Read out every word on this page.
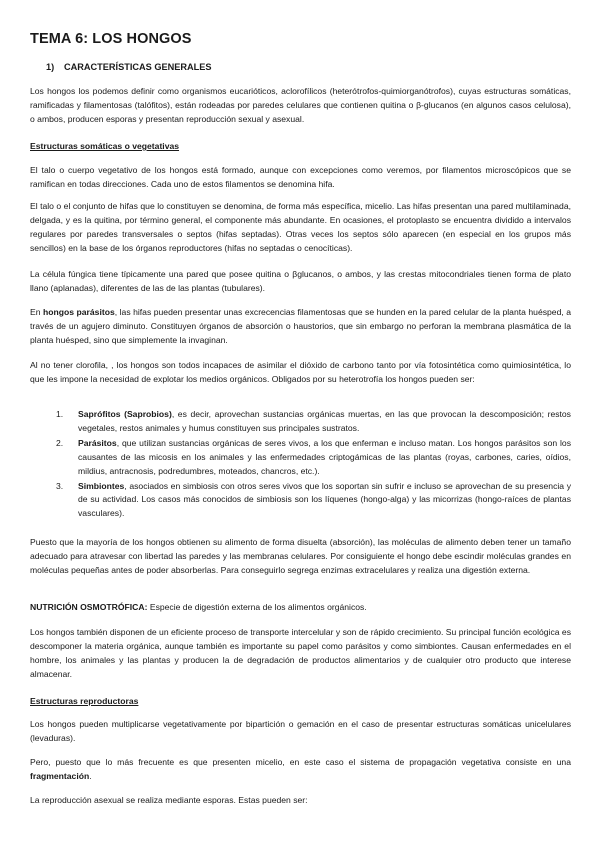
TEMA 6: LOS HONGOS
1) CARACTERÍSTICAS GENERALES

Los hongos los podemos definir como organismos eucarióticos, aclorofílicos (heterótrofos-quimiorganótrofos), cuyas estructuras somáticas, ramificadas y filamentosas (talófitos), están rodeadas por paredes celulares que contienen quitina o β-glucanos (en algunos casos celulosa), o ambos, producen esporas y presentan reproducción sexual y asexual.

Estructuras somáticas o vegetativas

El talo o cuerpo vegetativo de los hongos está formado, aunque con excepciones como veremos, por filamentos microscópicos que se ramifican en todas direcciones. Cada uno de estos filamentos se denomina hifa.

El talo o el conjunto de hifas que lo constituyen se denomina, de forma más específica, micelio. Las hifas presentan una pared multilaminada, delgada, y es la quitina, por término general, el componente más abundante. En ocasiones, el protoplasto se encuentra dividido a intervalos regulares por paredes transversales o septos (hifas septadas). Otras veces los septos sólo aparecen (en especial en los grupos más sencillos) en la base de los órganos reproductores (hifas no septadas o cenocíticas).

La célula fúngica tiene típicamente una pared que posee quitina o βglucanos, o ambos, y las crestas mitocondriales tienen forma de plato llano (aplanadas), diferentes de las de las plantas (tubulares).

En hongos parásitos, las hifas pueden presentar unas excrecencias filamentosas que se hunden en la pared celular de la planta huésped, a través de un agujero diminuto. Constituyen órganos de absorción o haustorios, que sin embargo no perforan la membrana plasmática de la planta huésped, sino que simplemente la invaginan.

Al no tener clorofila, , los hongos son todos incapaces de asimilar el dióxido de carbono tanto por vía fotosintética como quimiosintética, lo que les impone la necesidad de explotar los medios orgánicos. Obligados por su heterotrofía los hongos pueden ser:

1. Saprófitos (Saprobios), es decir, aprovechan sustancias orgánicas muertas, en las que provocan la descomposición; restos vegetales, restos animales y humus constituyen sus principales sustratos.
2. Parásitos, que utilizan sustancias orgánicas de seres vivos, a los que enferman e incluso matan. Los hongos parásitos son los causantes de las micosis en los animales y las enfermedades criptogámicas de las plantas (royas, carbones, caries, oídios, mildius, antracnosis, podredumbres, moteados, chancros, etc.).
3. Simbiontes, asociados en simbiosis con otros seres vivos que los soportan sin sufrir e incluso se aprovechan de su presencia y de su actividad. Los casos más conocidos de simbiosis son los líquenes (hongo-alga) y las micorrizas (hongo-raíces de plantas vasculares).

Puesto que la mayoría de los hongos obtienen su alimento de forma disuelta (absorción), las moléculas de alimento deben tener un tamaño adecuado para atravesar con libertad las paredes y las membranas celulares. Por consiguiente el hongo debe escindir moléculas grandes en moléculas pequeñas antes de poder absorberlas. Para conseguirlo segrega enzimas extracelulares y realiza una digestión externa.

NUTRICIÓN OSMOTRÓFICA: Especie de digestión externa de los alimentos orgánicos.

Los hongos también disponen de un eficiente proceso de transporte intercelular y son de rápido crecimiento. Su principal función ecológica es descomponer la materia orgánica, aunque también es importante su papel como parásitos y como simbiontes. Causan enfermedades en el hombre, los animales y las plantas y producen la de degradación de productos alimentarios y de cualquier otro producto que interese almacenar.

Estructuras reproductoras

Los hongos pueden multiplicarse vegetativamente por bipartición o gemación en el caso de presentar estructuras somáticas unicelulares (levaduras).

Pero, puesto que lo más frecuente es que presenten micelio, en este caso el sistema de propagación vegetativa consiste en una fragmentación.

La reproducción asexual se realiza mediante esporas. Estas pueden ser:
